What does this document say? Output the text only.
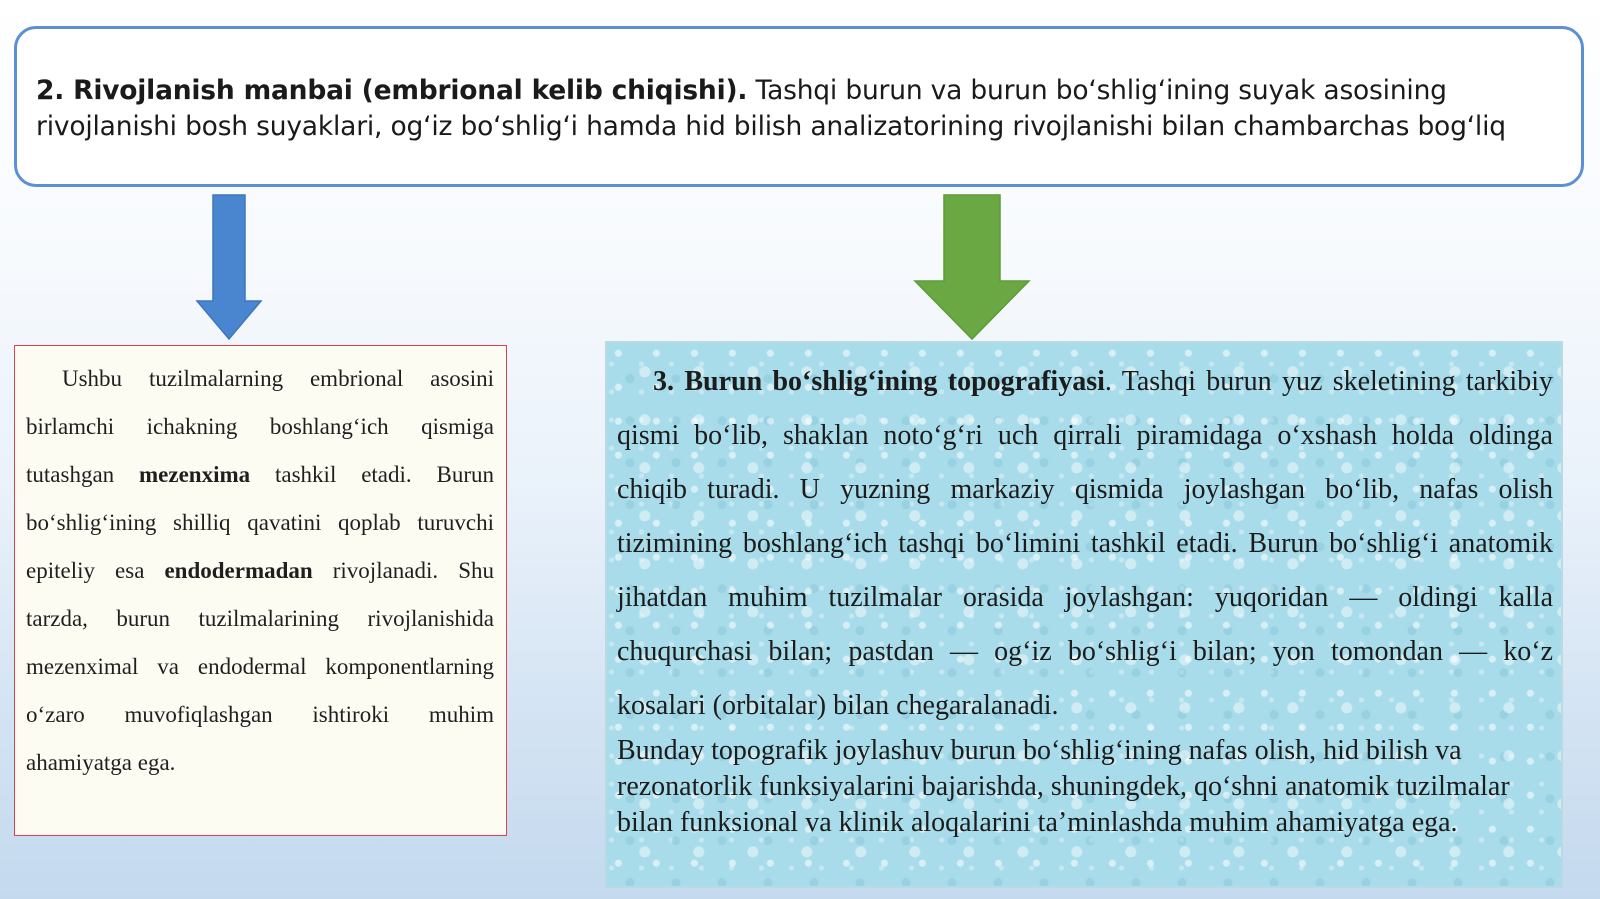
2. Rivojlanish manbai (embrional kelib chiqishi). Tashqi burun va burun bo‘shlig‘ining suyak asosining
rivojlanishi bosh suyaklari, og‘iz bo‘shlig‘i hamda hid bilish analizatorining rivojlanishi bilan chambarchas bog‘liq

Ushbu tuzilmalarning embrional asosini birlamchi ichakning boshlang‘ich qismiga tutashgan mezenxima tashkil etadi. Burun bo‘shlig‘ining shilliq qavatini qoplab turuvchi epiteliy esa endodermadan rivojlanadi. Shu tarzda, burun tuzilmalarining rivojlanishida mezenximal va endodermal komponentlarning o‘zaro muvofiqlashgan ishtiroki muhim ahamiyatga ega.

3. Burun bo‘shlig‘ining topografiyasi. Tashqi burun yuz skeletining tarkibiy qismi bo‘lib, shaklan noto‘g‘ri uch qirrali piramidaga o‘xshash holda oldinga chiqib turadi. U yuzning markaziy qismida joylashgan bo‘lib, nafas olish tizimining boshlang‘ich tashqi bo‘limini tashkil etadi. Burun bo‘shlig‘i anatomik jihatdan muhim tuzilmalar orasida joylashgan: yuqoridan — oldingi kalla chuqurchasi bilan; pastdan — og‘iz bo‘shlig‘i bilan; yon tomondan — ko‘z kosalari (orbitalar) bilan chegaralanadi.

Bunday topografik joylashuv burun bo‘shlig‘ining nafas olish, hid bilish va rezonatorlik funksiyalarini bajarishda, shuningdek, qo‘shni anatomik tuzilmalar bilan funksional va klinik aloqalarini ta’minlashda muhim ahamiyatga ega.
